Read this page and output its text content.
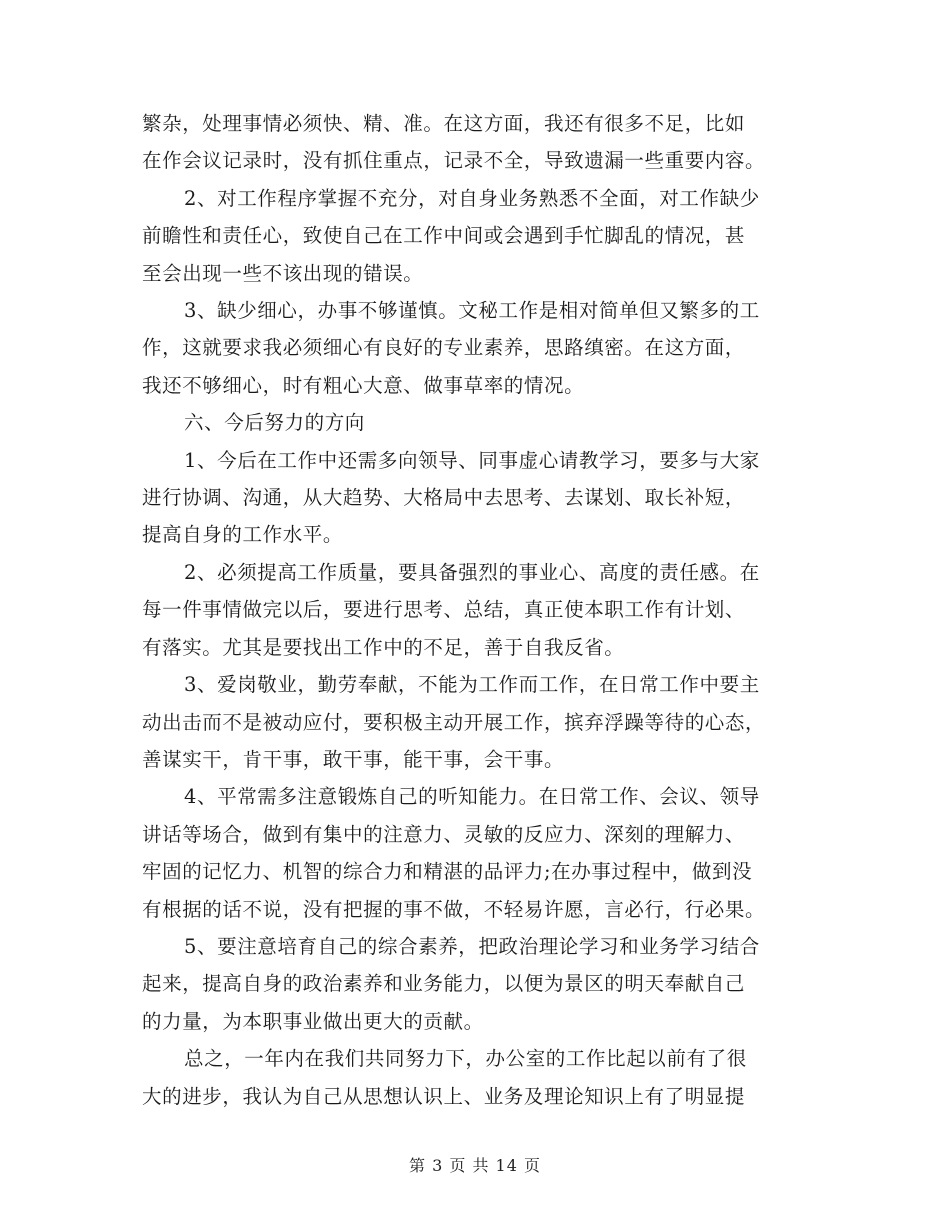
繁杂，处理事情必须快、精、准。在这方面，我还有很多不足，比如
在作会议记录时，没有抓住重点，记录不全，导致遗漏一些重要内容。
2、对工作程序掌握不充分，对自身业务熟悉不全面，对工作缺少
前瞻性和责任心，致使自己在工作中间或会遇到手忙脚乱的情况，甚
至会出现一些不该出现的错误。
3、缺少细心，办事不够谨慎。文秘工作是相对简单但又繁多的工
作，这就要求我必须细心有良好的专业素养，思路缜密。在这方面，
我还不够细心，时有粗心大意、做事草率的情况。
六、今后努力的方向
1、今后在工作中还需多向领导、同事虚心请教学习，要多与大家
进行协调、沟通，从大趋势、大格局中去思考、去谋划、取长补短，
提高自身的工作水平。
2、必须提高工作质量，要具备强烈的事业心、高度的责任感。在
每一件事情做完以后，要进行思考、总结，真正使本职工作有计划、
有落实。尤其是要找出工作中的不足，善于自我反省。
3、爱岗敬业，勤劳奉献，不能为工作而工作，在日常工作中要主
动出击而不是被动应付，要积极主动开展工作，摈弃浮躁等待的心态，
善谋实干，肯干事，敢干事，能干事，会干事。
4、平常需多注意锻炼自己的听知能力。在日常工作、会议、领导
讲话等场合，做到有集中的注意力、灵敏的反应力、深刻的理解力、
牢固的记忆力、机智的综合力和精湛的品评力;在办事过程中，做到没
有根据的话不说，没有把握的事不做，不轻易许愿，言必行，行必果。
5、要注意培育自己的综合素养，把政治理论学习和业务学习结合
起来，提高自身的政治素养和业务能力，以便为景区的明天奉献自己
的力量，为本职事业做出更大的贡献。
总之，一年内在我们共同努力下，办公室的工作比起以前有了很
大的进步，我认为自己从思想认识上、业务及理论知识上有了明显提
第 3 页 共 14 页
